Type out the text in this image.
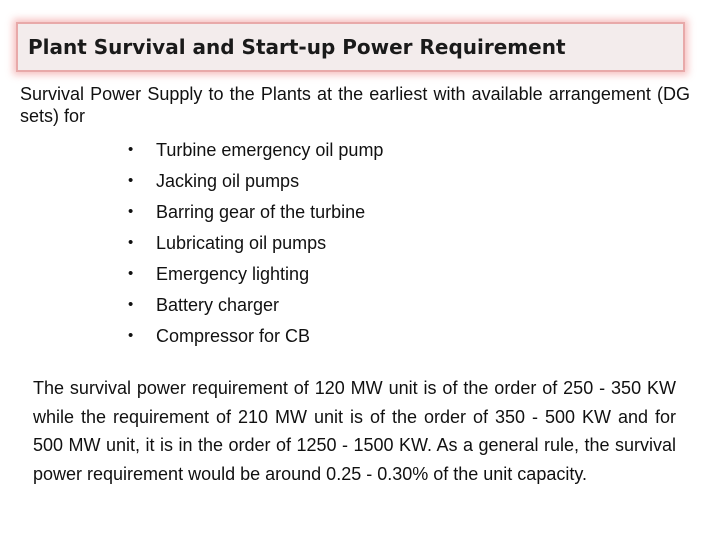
Plant Survival and Start-up Power Requirement
Survival Power Supply to the Plants at the earliest with available arrangement (DG sets) for
•	Turbine emergency oil pump
•	Jacking oil pumps
•	Barring gear of the turbine
•	Lubricating oil pumps
•	Emergency lighting
•	Battery charger
•	Compressor for CB
The survival power requirement of 120 MW unit is of the order of 250 - 350 KW while the requirement of 210 MW unit is of the order of 350 - 500 KW and for 500 MW unit, it is in the order of 1250 - 1500 KW. As a general rule, the survival power requirement would be around 0.25 - 0.30% of the unit capacity.
